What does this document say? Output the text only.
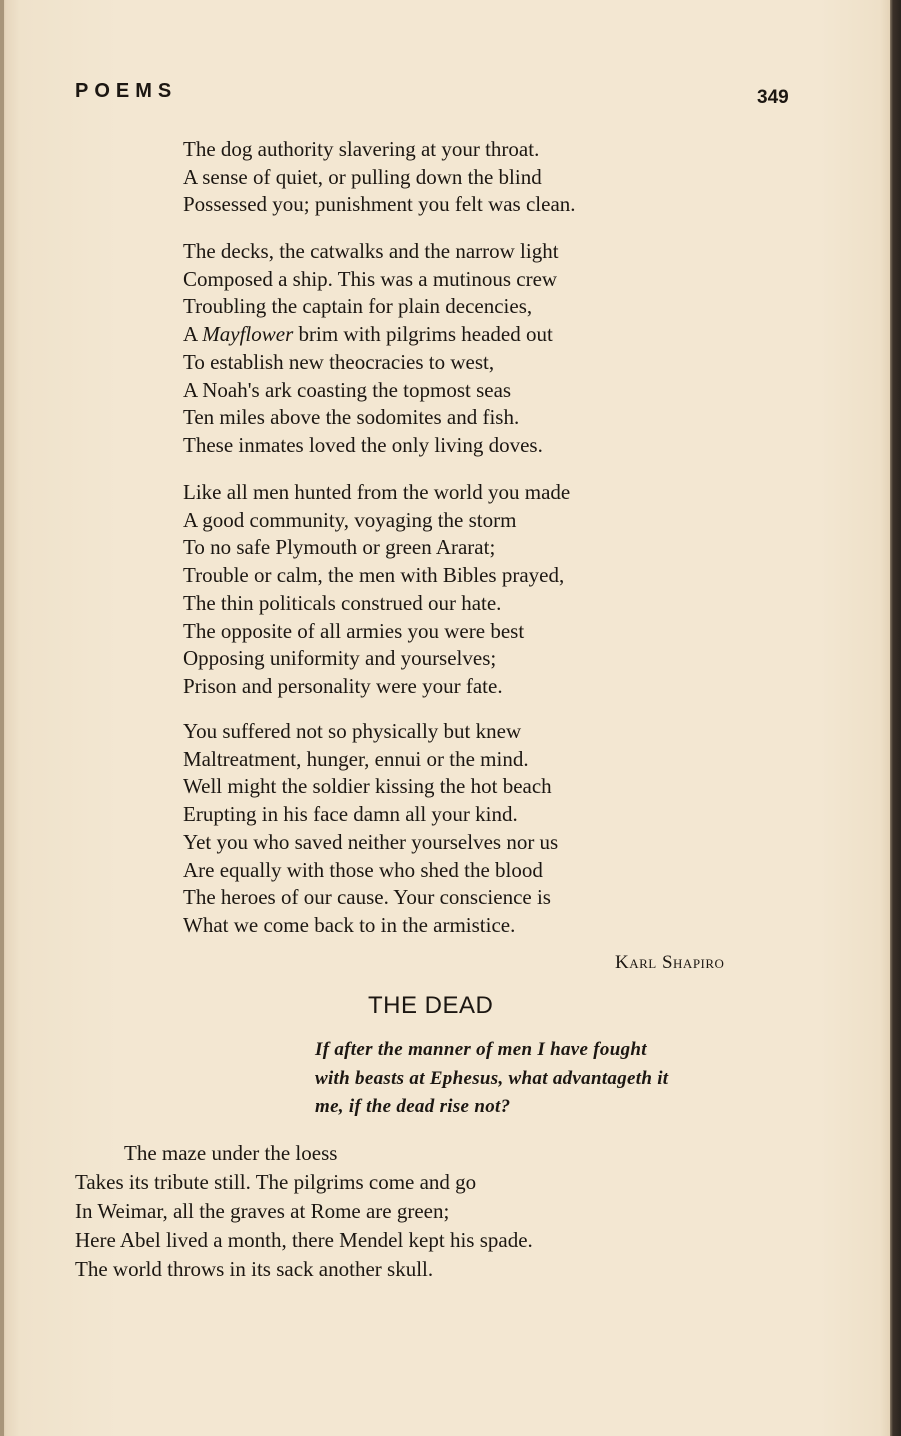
POEMS	349
The dog authority slavering at your throat.
A sense of quiet, or pulling down the blind
Possessed you; punishment you felt was clean.
The decks, the catwalks and the narrow light
Composed a ship. This was a mutinous crew
Troubling the captain for plain decencies,
A Mayflower brim with pilgrims headed out
To establish new theocracies to west,
A Noah's ark coasting the topmost seas
Ten miles above the sodomites and fish.
These inmates loved the only living doves.
Like all men hunted from the world you made
A good community, voyaging the storm
To no safe Plymouth or green Ararat;
Trouble or calm, the men with Bibles prayed,
The thin politicals construed our hate.
The opposite of all armies you were best
Opposing uniformity and yourselves;
Prison and personality were your fate.
You suffered not so physically but knew
Maltreatment, hunger, ennui or the mind.
Well might the soldier kissing the hot beach
Erupting in his face damn all your kind.
Yet you who saved neither yourselves nor us
Are equally with those who shed the blood
The heroes of our cause. Your conscience is
What we come back to in the armistice.
Karl Shapiro
THE DEAD
If after the manner of men I have fought
with beasts at Ephesus, what advantageth it
me, if the dead rise not?
The maze under the loess
Takes its tribute still. The pilgrims come and go
In Weimar, all the graves at Rome are green;
Here Abel lived a month, there Mendel kept his spade.
The world throws in its sack another skull.
